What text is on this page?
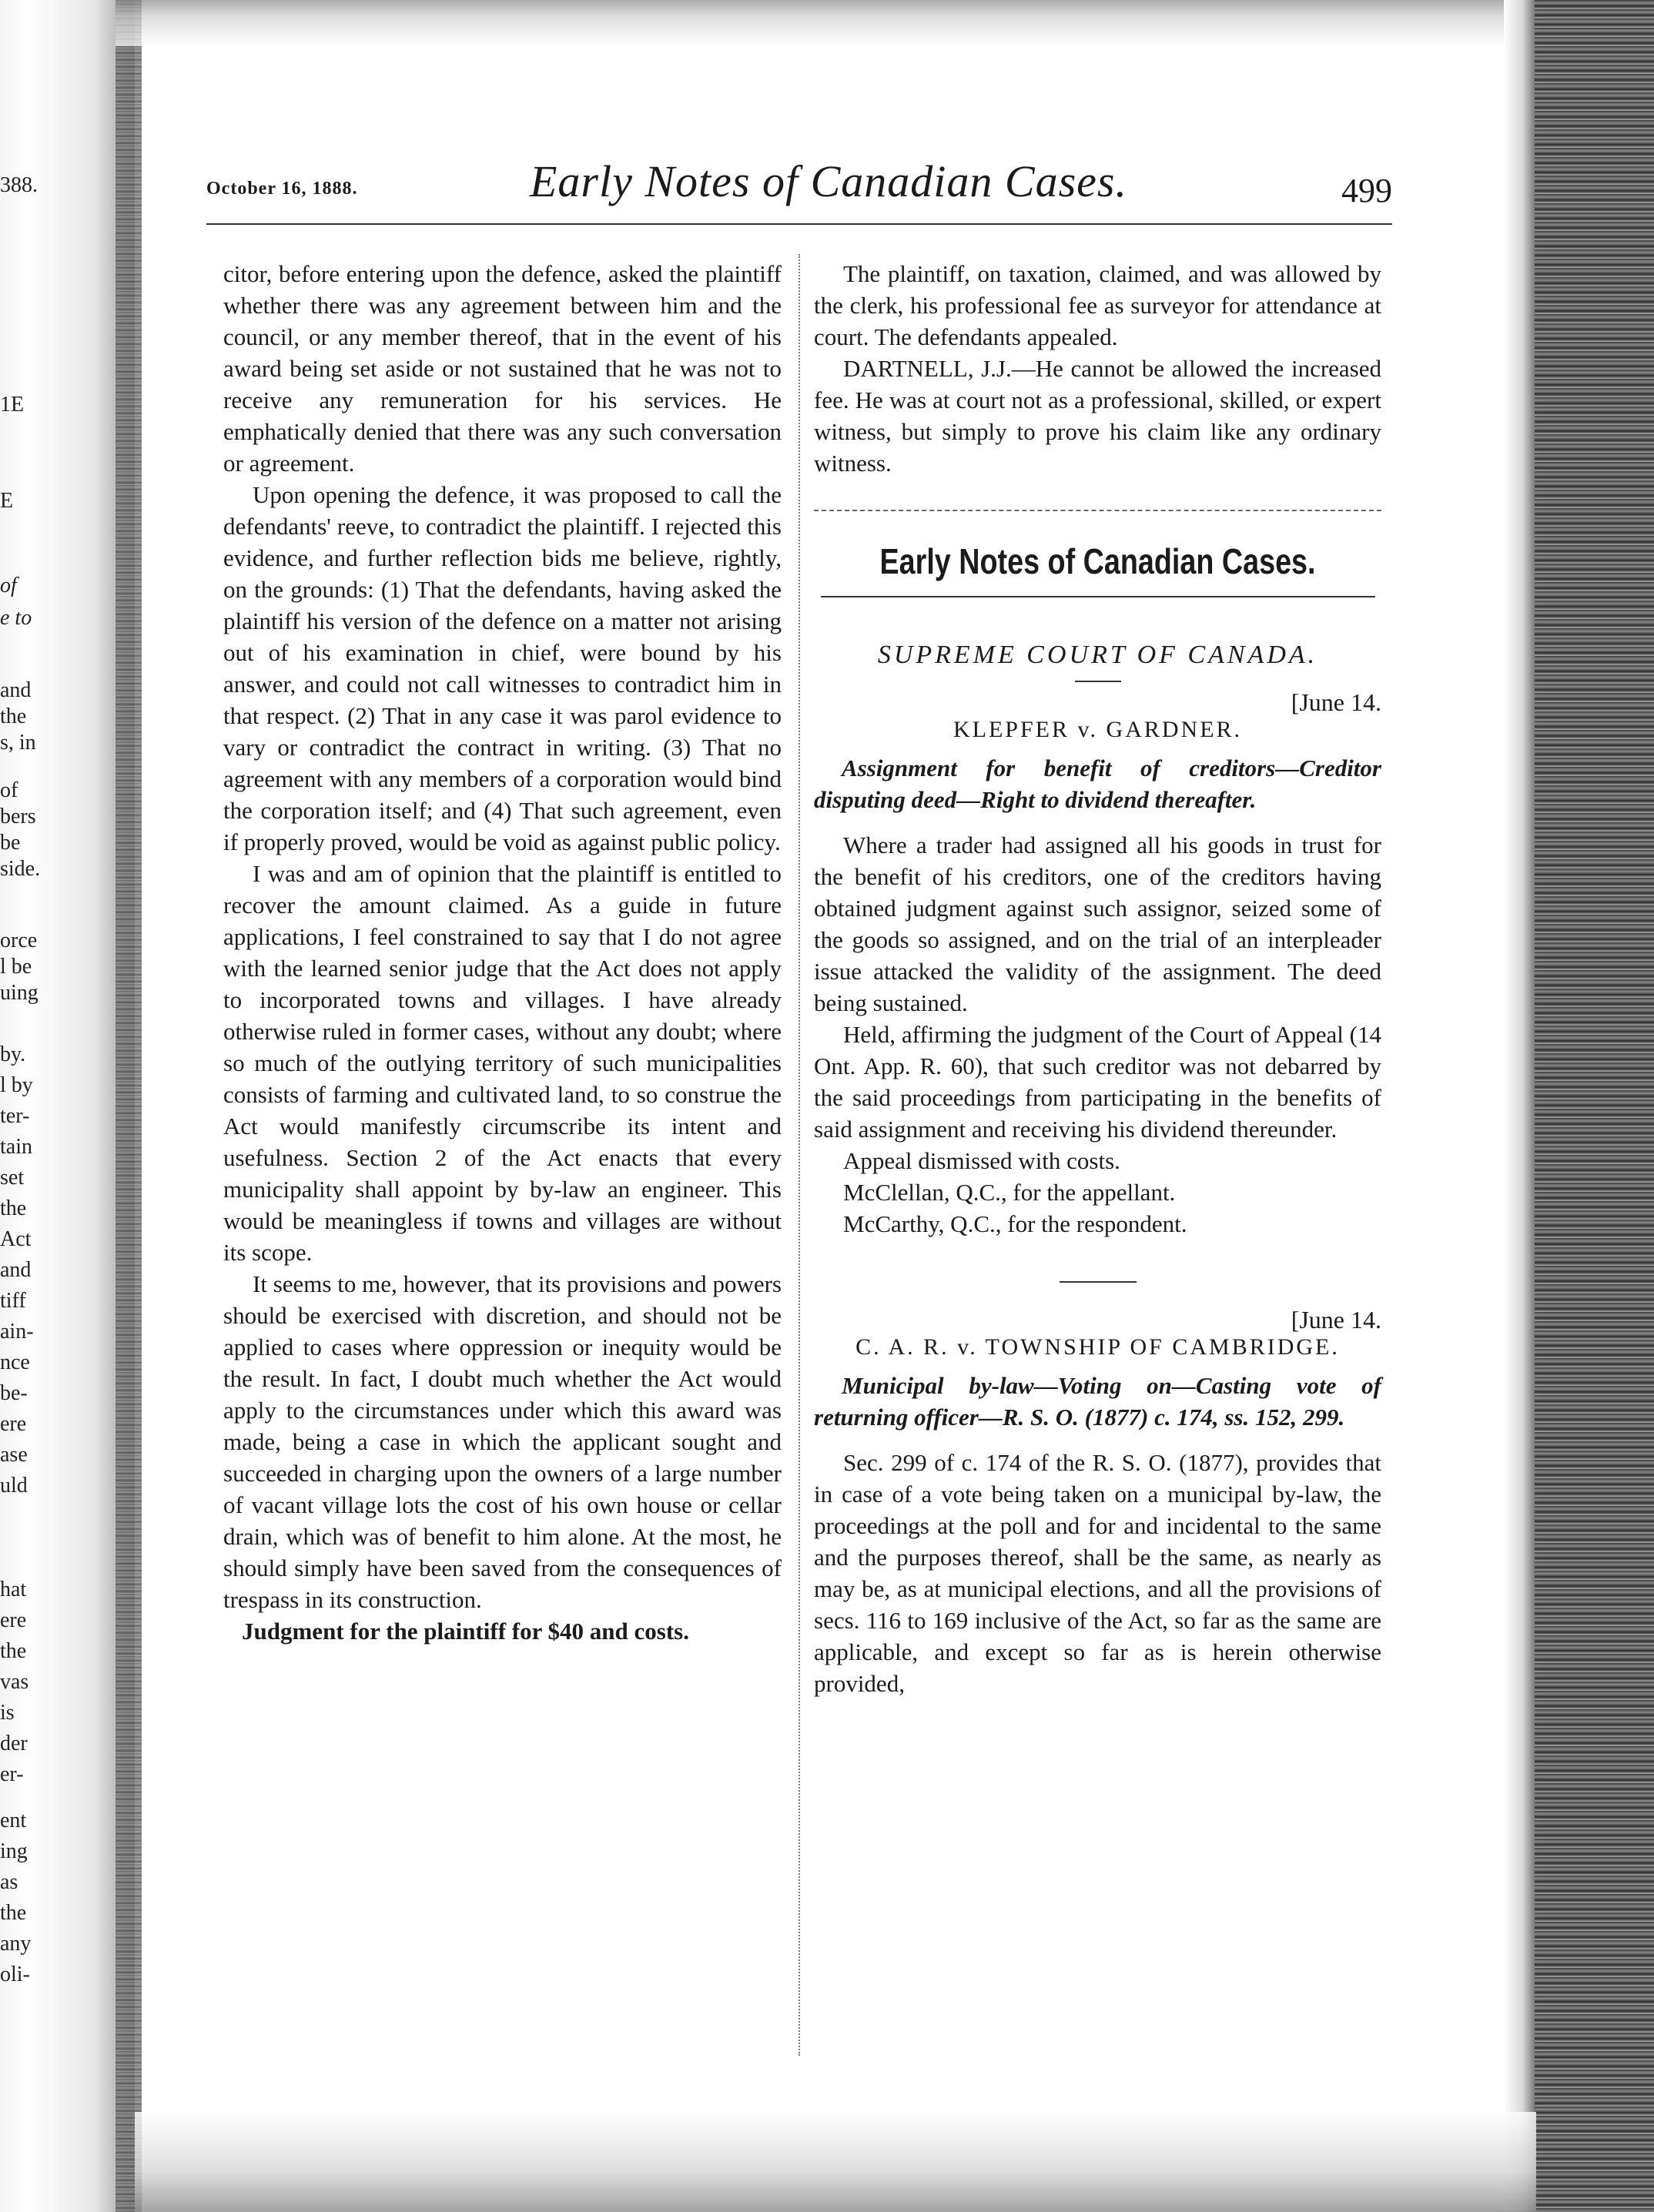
388.
1E
E
of
e to
and
the
s, in
of
bers
be
side.
orce
l be
uing
by.
l by
ter-
tain
set
the
Act
and
tiff
ain-
nce
be-
ere
ase
uld
hat
ere
the
vas
is
der
er-
ent
ing
as
the
any
oli-
October 16, 1888.	Early Notes of Canadian Cases.	499

citor, before entering upon the defence, asked the plaintiff whether there was any agreement between him and the council, or any member thereof, that in the event of his award being set aside or not sustained that he was not to receive any remuneration for his services. He emphatically denied that there was any such conversation or agreement.

Upon opening the defence, it was proposed to call the defendants' reeve, to contradict the plaintiff. I rejected this evidence, and further reflection bids me believe, rightly, on the grounds: (1) That the defendants, having asked the plaintiff his version of the defence on a matter not arising out of his examination in chief, were bound by his answer, and could not call witnesses to contradict him in that respect. (2) That in any case it was parol evidence to vary or contradict the contract in writing. (3) That no agreement with any members of a corporation would bind the corporation itself; and (4) That such agreement, even if properly proved, would be void as against public policy.

I was and am of opinion that the plaintiff is entitled to recover the amount claimed. As a guide in future applications, I feel constrained to say that I do not agree with the learned senior judge that the Act does not apply to incorporated towns and villages. I have already otherwise ruled in former cases, without any doubt; where so much of the outlying territory of such municipalities consists of farming and cultivated land, to so construe the Act would manifestly circumscribe its intent and usefulness. Section 2 of the Act enacts that every municipality shall appoint by by-law an engineer. This would be meaningless if towns and villages are without its scope.

It seems to me, however, that its provisions and powers should be exercised with discretion, and should not be applied to cases where oppression or inequity would be the result. In fact, I doubt much whether the Act would apply to the circumstances under which this award was made, being a case in which the applicant sought and succeeded in charging upon the owners of a large number of vacant village lots the cost of his own house or cellar drain, which was of benefit to him alone. At the most, he should simply have been saved from the consequences of trespass in its construction.

Judgment for the plaintiff for $40 and costs.

The plaintiff, on taxation, claimed, and was allowed by the clerk, his professional fee as surveyor for attendance at court. The defendants appealed.

DARTNELL, J.J.—He cannot be allowed the increased fee. He was at court not as a professional, skilled, or expert witness, but simply to prove his claim like any ordinary witness.

Early Notes of Canadian Cases.
SUPREME COURT OF CANADA.
[June 14.
KLEPFER v. GARDNER.
Assignment for benefit of creditors—Creditor disputing deed—Right to dividend thereafter.

Where a trader had assigned all his goods in trust for the benefit of his creditors, one of the creditors having obtained judgment against such assignor, seized some of the goods so assigned, and on the trial of an interpleader issue attacked the validity of the assignment. The deed being sustained.

Held, affirming the judgment of the Court of Appeal (14 Ont. App. R. 60), that such creditor was not debarred by the said proceedings from participating in the benefits of said assignment and receiving his dividend thereunder.

Appeal dismissed with costs.

McClellan, Q.C., for the appellant.

McCarthy, Q.C., for the respondent.

[June 14.
C. A. R. v. TOWNSHIP OF CAMBRIDGE.
Municipal by-law—Voting on—Casting vote of returning officer—R. S. O. (1877) c. 174, ss. 152, 299.

Sec. 299 of c. 174 of the R. S. O. (1877), provides that in case of a vote being taken on a municipal by-law, the proceedings at the poll and for and incidental to the same and the purposes thereof, shall be the same, as nearly as may be, as at municipal elections, and all the provisions of secs. 116 to 169 inclusive of the Act, so far as the same are applicable, and except so far as is herein otherwise provided,
